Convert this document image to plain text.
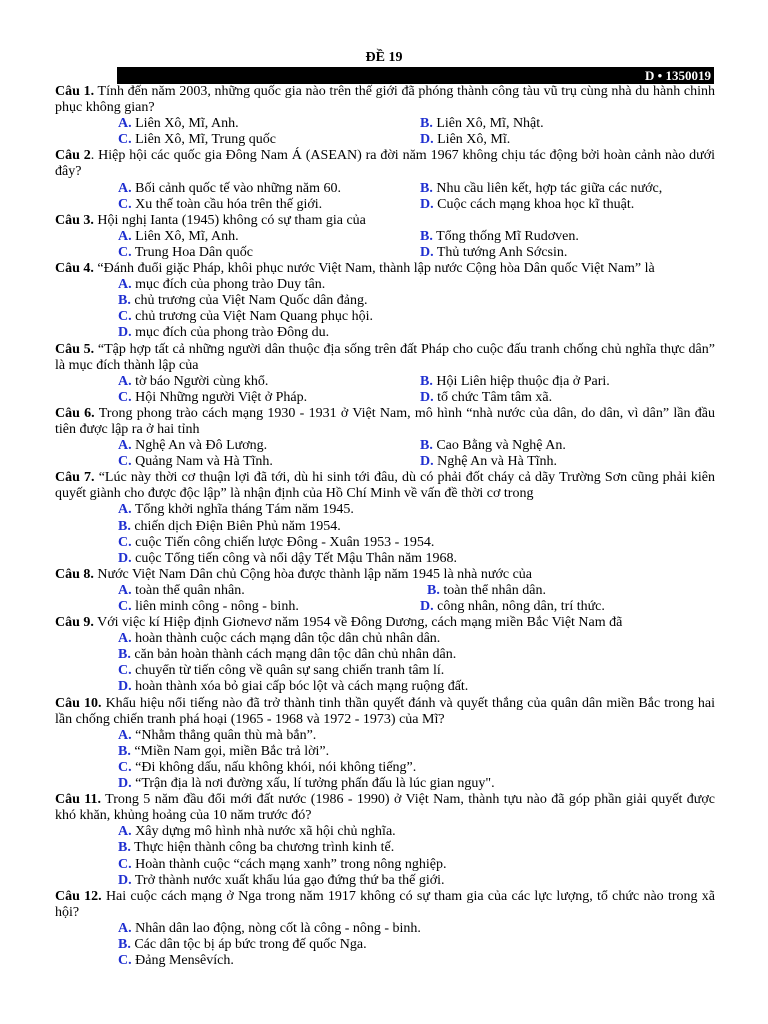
ĐỀ 19
D • 1350019
Câu 1. Tính đến năm 2003, những quốc gia nào trên thế giới đã phóng thành công tàu vũ trụ cùng nhà du hành chinh phục không gian?
A. Liên Xô, Mĩ, Anh.	B. Liên Xô, Mĩ, Nhật.
C. Liên Xô, Mĩ, Trung quốc	D. Liên Xô, Mĩ.
Câu 2. Hiệp hội các quốc gia Đông Nam Á (ASEAN) ra đời năm 1967 không chịu tác động bởi hoàn cảnh nào dưới đây?
A. Bối cảnh quốc tế vào những năm 60.	B. Nhu cầu liên kết, hợp tác giữa các nước,
C. Xu thế toàn cầu hóa trên thế giới.	D. Cuộc cách mạng khoa học kĩ thuật.
Câu 3. Hội nghị Ianta (1945) không có sự tham gia của
A. Liên Xô, Mĩ, Anh.	B. Tổng thống Mĩ Rudơven.
C. Trung Hoa Dân quốc	D. Thủ tướng Anh Sớcsin.
Câu 4. “Đánh đuổi giặc Pháp, khôi phục nước Việt Nam, thành lập nước Cộng hòa Dân quốc Việt Nam” là
A. mục đích của phong trào Duy tân.
B. chủ trương của Việt Nam Quốc dân đảng.
C. chủ trương của Việt Nam Quang phục hội.
D. mục đích của phong trào Đông du.
Câu 5. “Tập hợp tất cả những người dân thuộc địa sống trên đất Pháp cho cuộc đấu tranh chống chủ nghĩa thực dân” là mục đích thành lập của
A. tờ báo Người cùng khổ.	B. Hội Liên hiệp thuộc địa ở Pari.
C. Hội Những người Việt ở Pháp.	D. tổ chức Tâm tâm xã.
Câu 6. Trong phong trào cách mạng 1930 - 1931 ở Việt Nam, mô hình “nhà nước của dân, do dân, vì dân” lần đầu tiên được lập ra ở hai tỉnh
A. Nghệ An và Đô Lương.	B. Cao Bằng và Nghệ An.
C. Quảng Nam và Hà Tĩnh.	D. Nghệ An và Hà Tĩnh.
Câu 7. “Lúc này thời cơ thuận lợi đã tới, dù hi sinh tới đâu, dù có phải đốt cháy cả dãy Trường Sơn cũng phải kiên quyết giành cho được độc lập” là nhận định của Hồ Chí Minh về vấn đề thời cơ trong
A. Tổng khởi nghĩa tháng Tám năm 1945.
B. chiến dịch Điện Biên Phủ năm 1954.
C. cuộc Tiến công chiến lược Đông - Xuân 1953 - 1954.
D. cuộc Tổng tiến công và nổi dậy Tết Mậu Thân năm 1968.
Câu 8. Nước Việt Nam Dân chủ Cộng hòa được thành lập năm 1945 là nhà nước của
A. toàn thể quân nhân.	B. toàn thể nhân dân.
C. liên minh công - nông - binh.	D. công nhân, nông dân, trí thức.
Câu 9. Với việc kí Hiệp định Giơnevơ năm 1954 về Đông Dương, cách mạng miền Bắc Việt Nam đã
A. hoàn thành cuộc cách mạng dân tộc dân chủ nhân dân.
B. căn bản hoàn thành cách mạng dân tộc dân chủ nhân dân.
C. chuyển từ tiến công về quân sự sang chiến tranh tâm lí.
D. hoàn thành xóa bỏ giai cấp bóc lột và cách mạng ruộng đất.
Câu 10. Khẩu hiệu nổi tiếng nào đã trở thành tinh thần quyết đánh và quyết thắng của quân dân miền Bắc trong hai lần chống chiến tranh phá hoại (1965 - 1968 và 1972 - 1973) của Mĩ?
A. “Nhằm thẳng quân thù mà bắn”.
B. “Miền Nam gọi, miền Bắc trả lời”.
C. “Đi không dấu, nấu không khói, nói không tiếng”.
D. “Trận địa là nơi đường xấu, lí tưởng phấn đấu là lúc gian nguy".
Câu 11. Trong 5 năm đầu đổi mới đất nước (1986 - 1990) ở Việt Nam, thành tựu nào đã góp phần giải quyết được khó khăn, khủng hoảng của 10 năm trước đó?
A. Xây dựng mô hình nhà nước xã hội chủ nghĩa.
B. Thực hiện thành công ba chương trình kinh tế.
C. Hoàn thành cuộc “cách mạng xanh” trong nông nghiệp.
D. Trở thành nước xuất khẩu lúa gạo đứng thứ ba thế giới.
Câu 12. Hai cuộc cách mạng ở Nga trong năm 1917 không có sự tham gia của các lực lượng, tổ chức nào trong xã hội?
A. Nhân dân lao động, nòng cốt là công - nông - binh.
B. Các dân tộc bị áp bức trong đế quốc Nga.
C. Đảng Mensêvích.
